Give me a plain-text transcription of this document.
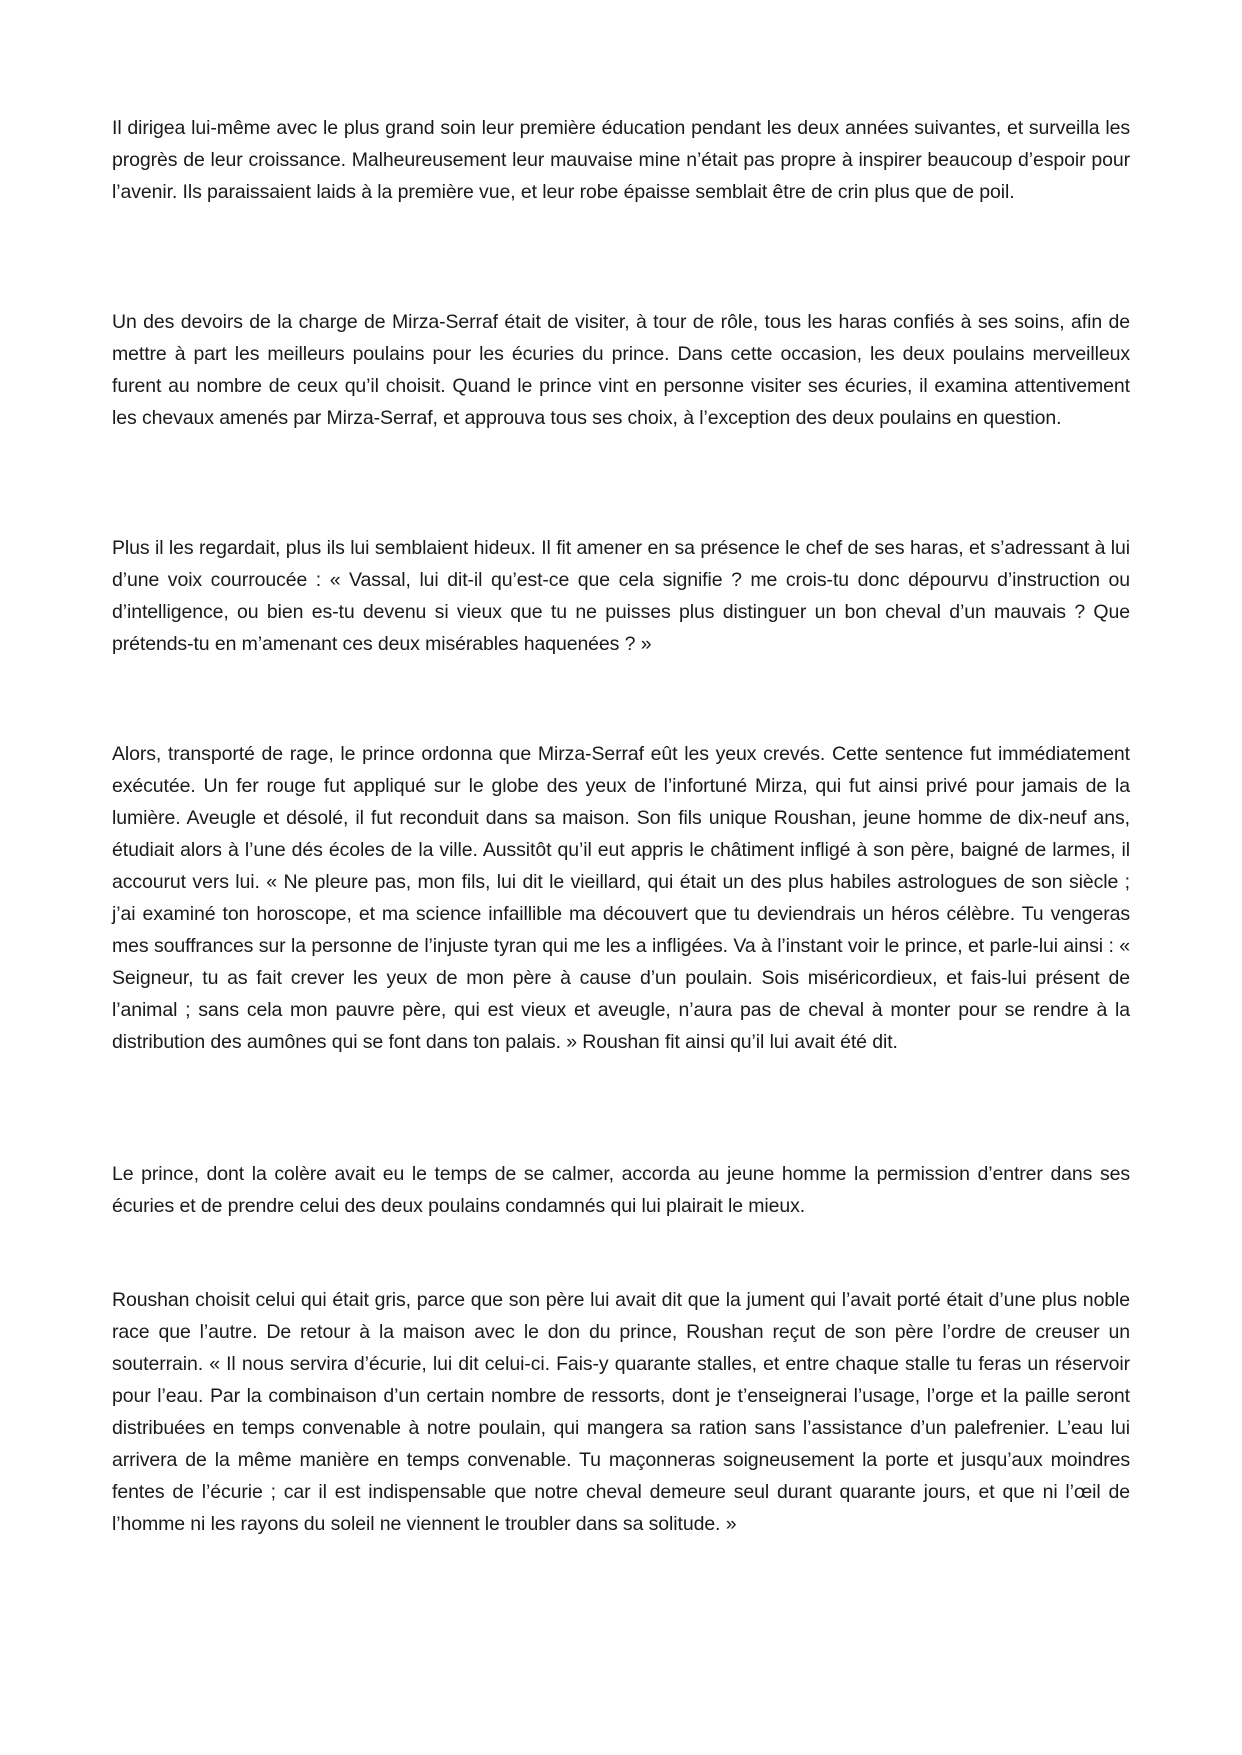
Il dirigea lui-même avec le plus grand soin leur première éducation pendant les deux années suivantes, et surveilla les progrès de leur croissance. Malheureusement leur mauvaise mine n’était pas propre à inspirer beaucoup d’espoir pour l’avenir. Ils paraissaient laids à la première vue, et leur robe épaisse semblait être de crin plus que de poil.

Un des devoirs de la charge de Mirza-Serraf était de visiter, à tour de rôle, tous les haras confiés à ses soins, afin de mettre à part les meilleurs poulains pour les écuries du prince. Dans cette occasion, les deux poulains merveilleux furent au nombre de ceux qu’il choisit. Quand le prince vint en personne visiter ses écuries, il examina attentivement les chevaux amenés par Mirza-Serraf, et approuva tous ses choix, à l’exception des deux poulains en question.

Plus il les regardait, plus ils lui semblaient hideux. Il fit amener en sa présence le chef de ses haras, et s’adressant à lui d’une voix courroucée : « Vassal, lui dit-il qu’est-ce que cela signifie ? me crois-tu donc dépourvu d’instruction ou d’intelligence, ou bien es-tu devenu si vieux que tu ne puisses plus distinguer un bon cheval d’un mauvais ? Que prétends-tu en m’amenant ces deux misérables haquenées ? »

Alors, transporté de rage, le prince ordonna que Mirza-Serraf eût les yeux crevés. Cette sentence fut immédiatement exécutée. Un fer rouge fut appliqué sur le globe des yeux de l’infortuné Mirza, qui fut ainsi privé pour jamais de la lumière. Aveugle et désolé, il fut reconduit dans sa maison. Son fils unique Roushan, jeune homme de dix-neuf ans, étudiait alors à l’une dés écoles de la ville. Aussitôt qu’il eut appris le châtiment infligé à son père, baigné de larmes, il accourut vers lui. « Ne pleure pas, mon fils, lui dit le vieillard, qui était un des plus habiles astrologues de son siècle ; j’ai examiné ton horoscope, et ma science infaillible ma découvert que tu deviendrais un héros célèbre. Tu vengeras mes souffrances sur la personne de l’injuste tyran qui me les a infligées. Va à l’instant voir le prince, et parle-lui ainsi : « Seigneur, tu as fait crever les yeux de mon père à cause d’un poulain. Sois miséricordieux, et fais-lui présent de l’animal ; sans cela mon pauvre père, qui est vieux et aveugle, n’aura pas de cheval à monter pour se rendre à la distribution des aumônes qui se font dans ton palais. » Roushan fit ainsi qu’il lui avait été dit.

Le prince, dont la colère avait eu le temps de se calmer, accorda au jeune homme la permission d’entrer dans ses écuries et de prendre celui des deux poulains condamnés qui lui plairait le mieux.

Roushan choisit celui qui était gris, parce que son père lui avait dit que la jument qui l’avait porté était d’une plus noble race que l’autre. De retour à la maison avec le don du prince, Roushan reçut de son père l’ordre de creuser un souterrain. « Il nous servira d’écurie, lui dit celui-ci. Fais-y quarante stalles, et entre chaque stalle tu feras un réservoir pour l’eau. Par la combinaison d’un certain nombre de ressorts, dont je t’enseignerai l’usage, l’orge et la paille seront distribuées en temps convenable à notre poulain, qui mangera sa ration sans l’assistance d’un palefrenier. L’eau lui arrivera de la même manière en temps convenable. Tu maçonneras soigneusement la porte et jusqu’aux moindres fentes de l’écurie ; car il est indispensable que notre cheval demeure seul durant quarante jours, et que ni l’œil de l’homme ni les rayons du soleil ne viennent le troubler dans sa solitude. »
